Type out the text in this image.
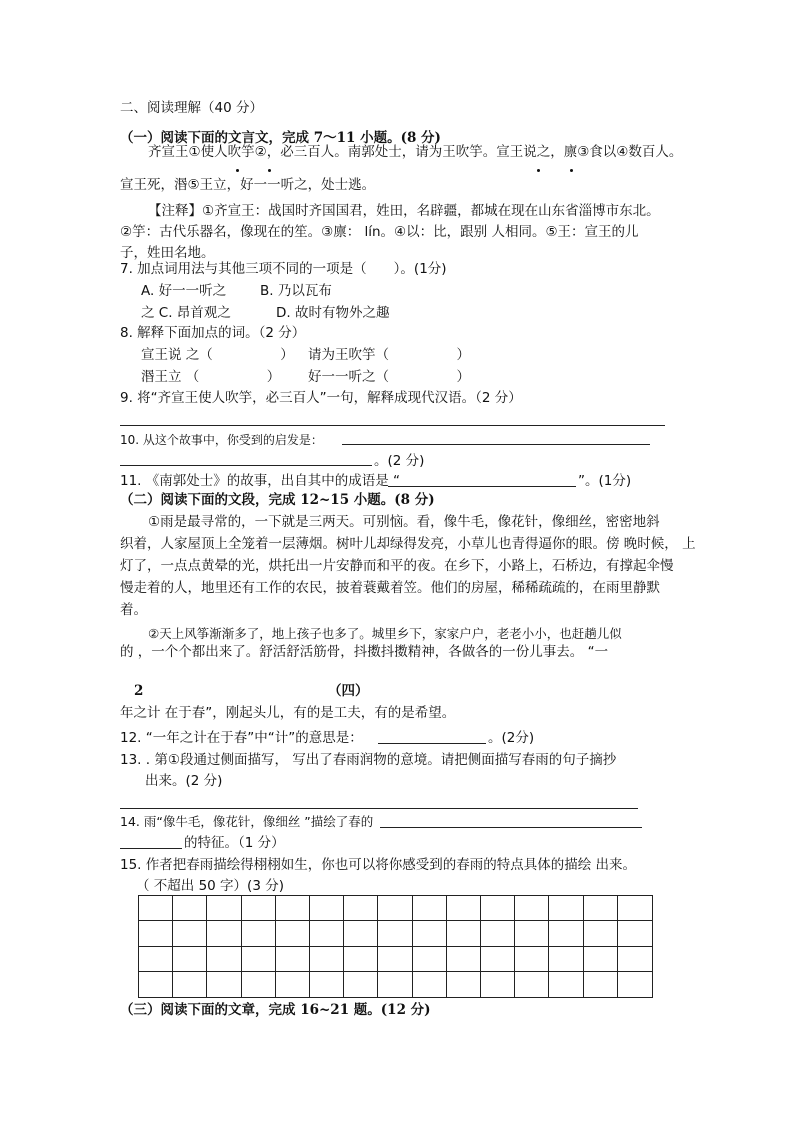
二、阅读理解（40 分）
（一）阅读下面的文言文，完成 7～11 小题。(8 分)
齐宣王①使人吹竽②，必三百人。南郭处士，请为王吹竽。宣王说之，廪③食以④数百人。
宣王死，湣⑤王立，好一一听之，处士逃。
【注释】①齐宣王：战国时齐国国君，姓田，名辟疆，都城在现在山东省淄博市东北。
②竽：古代乐器名，像现在的笙。③廪： lín。④以：比，跟别 人相同。⑤王：宣王的儿
子，姓田名地。
7. 加点词用法与其他三项不同的一项是（　　）。(1分)
A. 好一一听之	B. 乃以瓦布
之 C. 昂首观之	D. 故时有物外之趣
8. 解释下面加点的词。（2 分）
宣王说 之（　　　　　） 请为王吹竽（　　　　　）
湣王立 （　　　　　） 好一一听之（　　　　　）
9. 将“齐宣王使人吹竽，必三百人”一句，解释成现代汉语。（2 分）
10. 从这个故事中，你受到的启发是：
。(2 分)
11. 《南郭处士》的故事，出自其中的成语是 “	”。(1分)
（二）阅读下面的文段，完成 12~15 小题。(8 分)
①雨是最寻常的，一下就是三两天。可别恼。看，像牛毛，像花针，像细丝，密密地斜
织着，人家屋顶上全笼着一层薄烟。树叶儿却绿得发亮，小草儿也青得逼你的眼。傍 晚时候， 上
灯了，一点点黄晕的光，烘托出一片安静而和平的夜。在乡下，小路上，石桥边，有撑起伞慢
慢走着的人，地里还有工作的农民，披着蓑戴着笠。他们的房屋，稀稀疏疏的，在雨里静默
着。
②天上风筝渐渐多了，地上孩子也多了。城里乡下，家家户户，老老小小，也赶趟儿似
的 ，一个个都出来了。舒活舒活筋骨，抖擞抖擞精神，各做各的一份儿事去。 “一
2	（四）
年之计 在于春”，刚起头儿，有的是工夫，有的是希望。
12. “一年之计在于春”中“计”的意思是：	。(2分)
13. . 第①段通过侧面描写， 写出了春雨润物的意境。请把侧面描写春雨的句子摘抄
出来。(2 分)
14. 雨“像牛毛，像花针，像细丝 ”描绘了春的
的特征。（1 分）
15. 作者把春雨描绘得栩栩如生，你也可以将你感受到的春雨的特点具体的描绘 出来。
（ 不超出 50 字）(3 分)
（三）阅读下面的文章，完成 16~21 题。(12 分)
